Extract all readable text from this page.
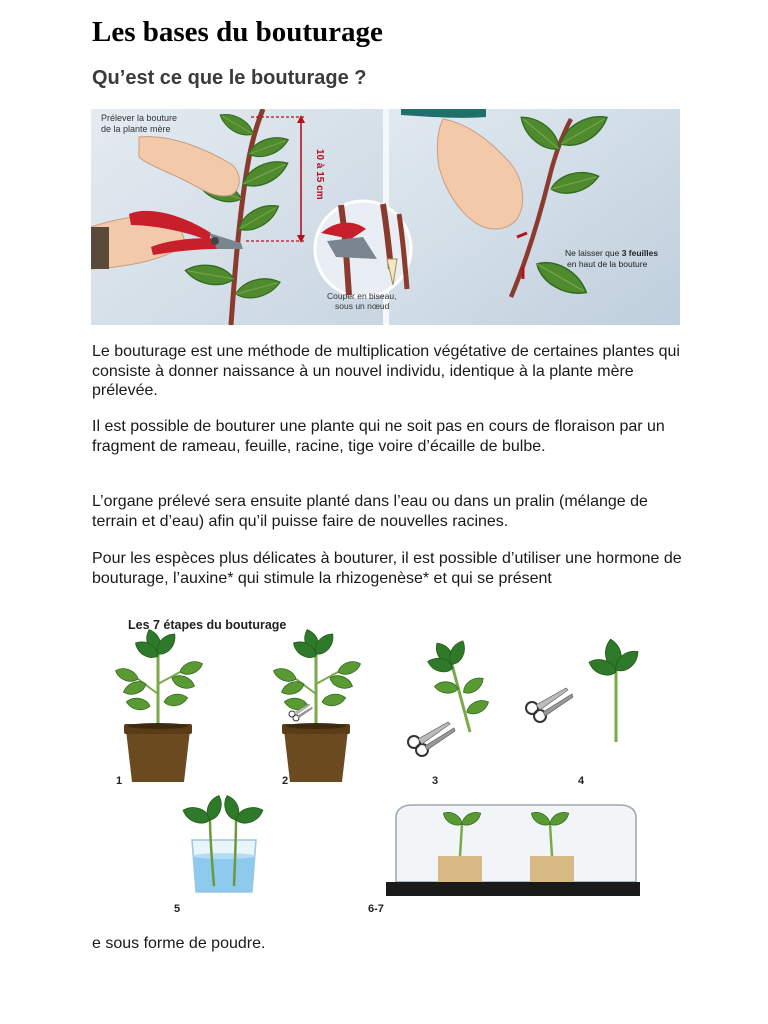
Les bases du bouturage
Qu’est ce que le bouturage ?
10 à 15 cm
Prélever la bouture
de la plante mère
Couper en biseau,
sous un nœud
Ne laisser que 3 feuilles
en haut de la bouture

Le bouturage est une méthode de multiplication végétative de certaines plantes qui consiste à donner naissance à un nouvel individu, identique à la plante mère prélevée.

Il est possible de bouturer une plante qui ne soit pas en cours de floraison par un fragment de rameau, feuille, racine, tige voire d’écaille de bulbe.

L’organe prélevé sera ensuite planté dans l’eau ou dans un pralin (mélange de terrain et d’eau) afin qu’il puisse faire de nouvelles racines.

Pour les espèces plus délicates à bouturer, il est possible d’utiliser une hormone de bouturage, l’auxine* qui stimule la rhizogenèse* et qui se présent

Les 7 étapes du bouturage
1	2	3	4
5	6-7

e sous forme de poudre.
